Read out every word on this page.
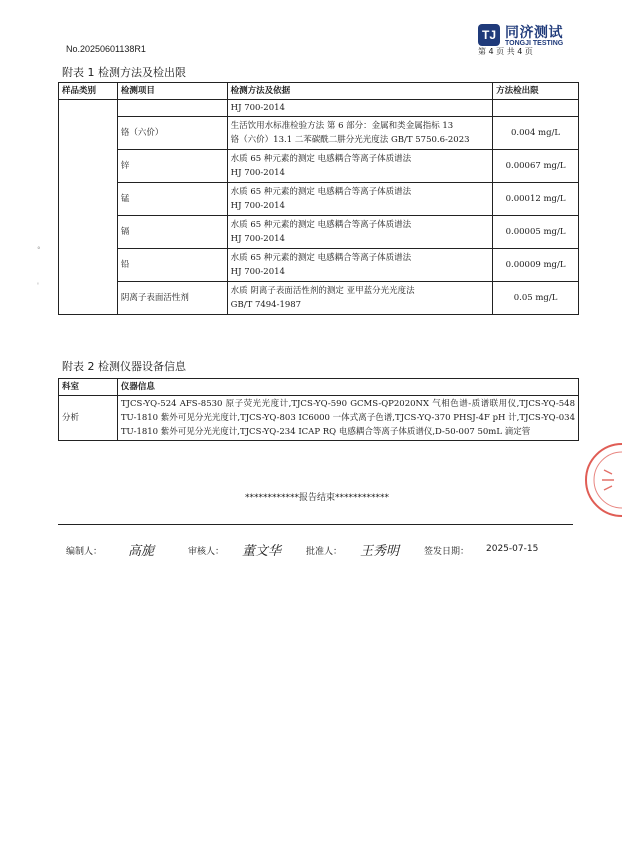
No.20250601138R1
TJ 同济测试
TONGJI TESTING
第 4 页 共 4 页
附表 1 检测方法及检出限
样品类别	检测项目	检测方法及依据	方法检出限
		HJ 700-2014	
	铬（六价）	生活饮用水标准检验方法 第 6 部分：金属和类金属指标 13
铬（六价）13.1 二苯碳酰二肼分光光度法 GB/T 5750.6-2023	0.004 mg/L
	锌	水质 65 种元素的测定 电感耦合等离子体质谱法
HJ 700-2014	0.00067 mg/L
	锰	水质 65 种元素的测定 电感耦合等离子体质谱法
HJ 700-2014	0.00012 mg/L
	镉	水质 65 种元素的测定 电感耦合等离子体质谱法
HJ 700-2014	0.00005 mg/L
	铅	水质 65 种元素的测定 电感耦合等离子体质谱法
HJ 700-2014	0.00009 mg/L
	阴离子表面活性剂	水质 阴离子表面活性剂的测定 亚甲蓝分光光度法
GB/T 7494-1987	0.05 mg/L
附表 2 检测仪器设备信息
科室	仪器信息
分析	TJCS-YQ-524 AFS-8530 原子荧光光度计,TJCS-YQ-590 GCMS-QP2020NX 气相色谱-质谱联用仪,TJCS-YQ-548 TU-1810 紫外可见分光光度计,TJCS-YQ-803 IC6000 一体式离子色谱,TJCS-YQ-370 PHSJ-4F pH 计,TJCS-YQ-034 TU-1810 紫外可见分光光度计,TJCS-YQ-234 ICAP RQ 电感耦合等离子体质谱仪,D-50-007 50mL 滴定管
************报告结束************
编制人： 高旎	审核人： 董文华	批准人： 王秀明	签发日期： 2025-07-15
°
'
